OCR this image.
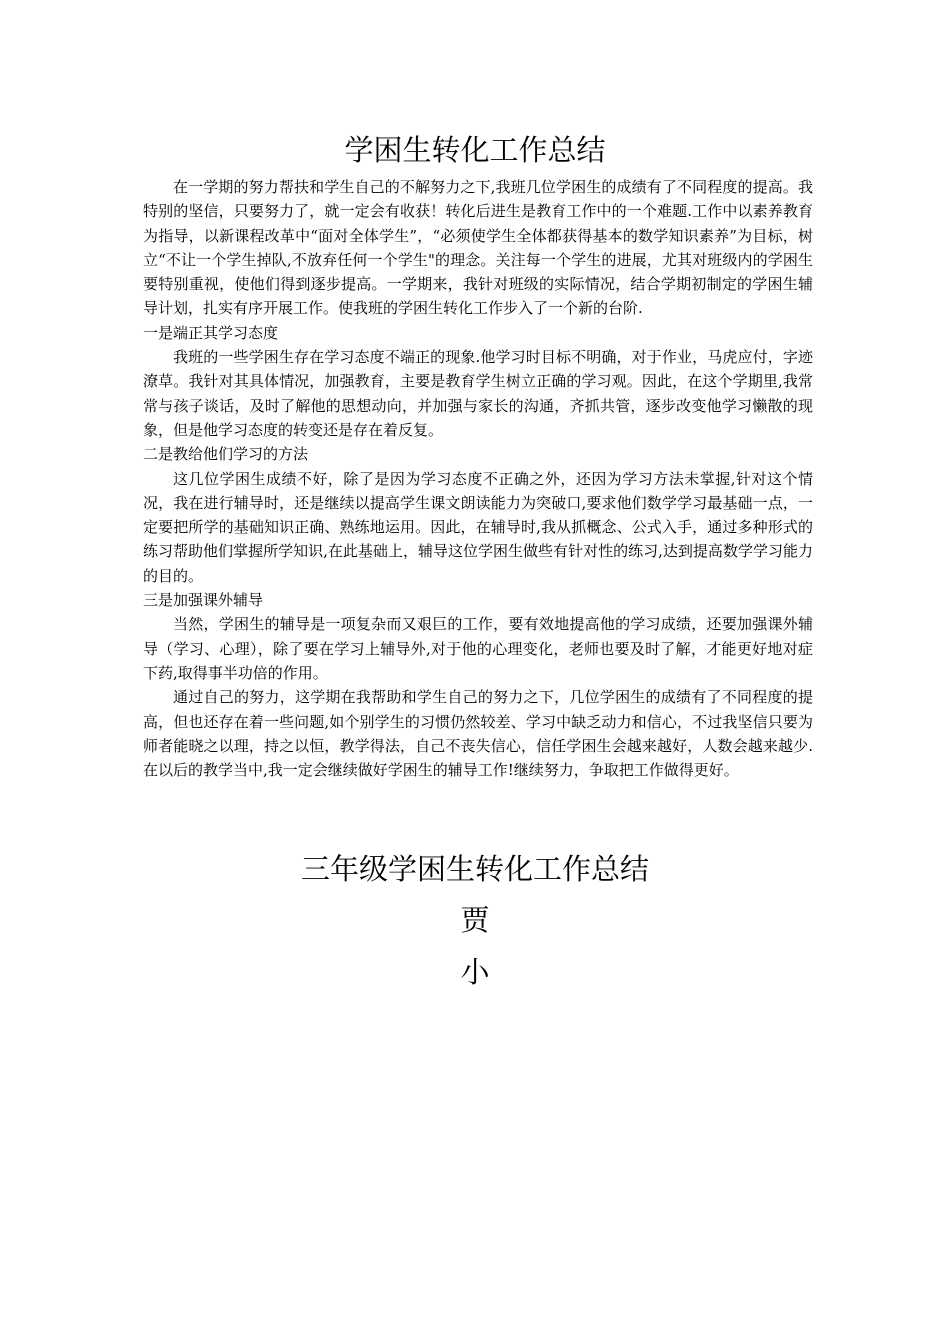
学困生转化工作总结

在一学期的努力帮扶和学生自己的不解努力之下,我班几位学困生的成绩有了不同程度的提高。我特别的坚信，只要努力了，就一定会有收获！转化后进生是教育工作中的一个难题.工作中以素养教育为指导，以新课程改革中“面对全体学生”，“必须使学生全体都获得基本的数学知识素养”为目标，树立“不让一个学生掉队,不放弃任何一个学生"的理念。关注每一个学生的进展，尤其对班级内的学困生要特别重视，使他们得到逐步提高。一学期来，我针对班级的实际情况，结合学期初制定的学困生辅导计划，扎实有序开展工作。使我班的学困生转化工作步入了一个新的台阶.

一是端正其学习态度

我班的一些学困生存在学习态度不端正的现象.他学习时目标不明确，对于作业，马虎应付，字迹潦草。我针对其具体情况，加强教育，主要是教育学生树立正确的学习观。因此，在这个学期里,我常常与孩子谈话，及时了解他的思想动向，并加强与家长的沟通，齐抓共管，逐步改变他学习懒散的现象，但是他学习态度的转变还是存在着反复。

二是教给他们学习的方法

这几位学困生成绩不好，除了是因为学习态度不正确之外，还因为学习方法未掌握,针对这个情况，我在进行辅导时，还是继续以提高学生课文朗读能力为突破口,要求他们数学学习最基础一点，一定要把所学的基础知识正确、熟练地运用。因此，在辅导时,我从抓概念、公式入手，通过多种形式的练习帮助他们掌握所学知识,在此基础上，辅导这位学困生做些有针对性的练习,达到提高数学学习能力的目的。

三是加强课外辅导

当然，学困生的辅导是一项复杂而又艰巨的工作，要有效地提高他的学习成绩，还要加强课外辅导（学习、心理），除了要在学习上辅导外,对于他的心理变化，老师也要及时了解，才能更好地对症下药,取得事半功倍的作用。

通过自己的努力，这学期在我帮助和学生自己的努力之下，几位学困生的成绩有了不同程度的提高，但也还存在着一些问题,如个别学生的习惯仍然较差、学习中缺乏动力和信心，不过我坚信只要为师者能晓之以理，持之以恒，教学得法，自己不丧失信心，信任学困生会越来越好，人数会越来越少.在以后的教学当中,我一定会继续做好学困生的辅导工作!继续努力，争取把工作做得更好。

三年级学困生转化工作总结
贾
小
